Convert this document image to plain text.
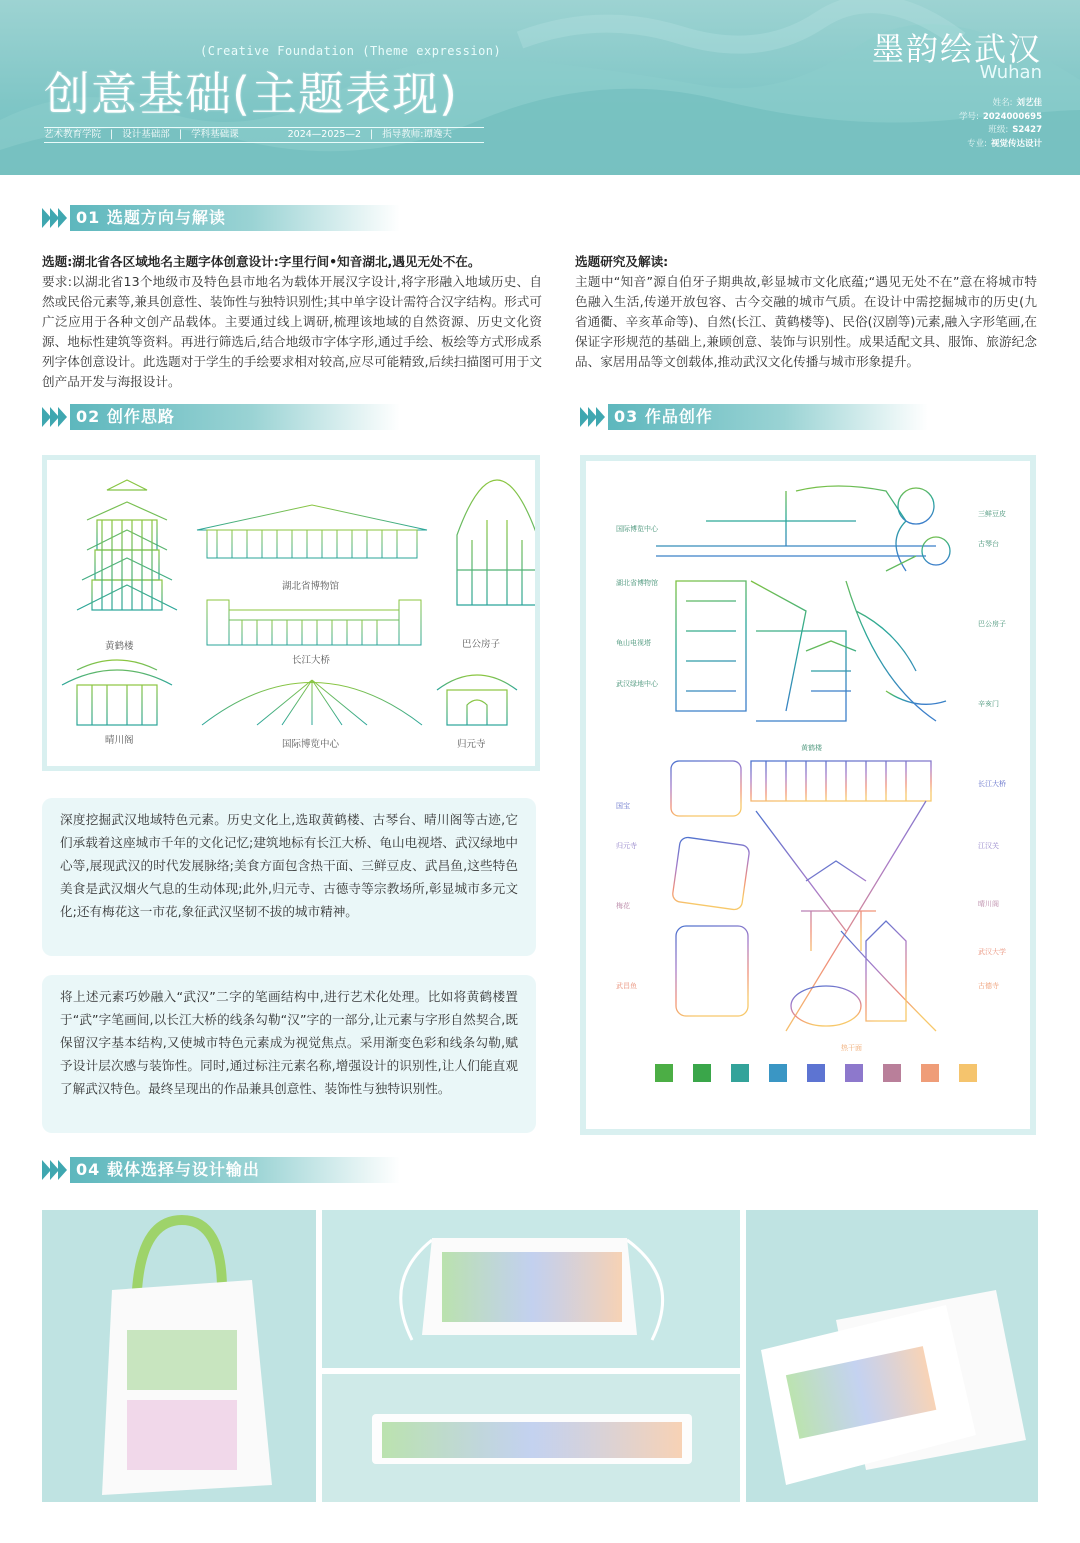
(Creative Foundation (Theme expression)
创意基础(主题表现)
艺术教育学院 | 设计基础部 | 学科基础课	2024—2025—2 | 指导教师:谭逸夫
墨韵绘武汉
Wuhan
姓名: 刘艺佳
学号: 2024000695
班级: S2427
专业: 视觉传达设计
01 选题方向与解读
选题:湖北省各区域地名主题字体创意设计:字里行间•知音湖北,遇见无处不在。
要求:以湖北省13个地级市及特色县市地名为载体开展汉字设计,将字形融入地域历史、自然或民俗元素等,兼具创意性、装饰性与独特识别性;其中单字设计需符合汉字结构。形式可广泛应用于各种文创产品载体。主要通过线上调研,梳理该地域的自然资源、历史文化资源、地标性建筑等资料。再进行筛选后,结合地级市字体字形,通过手绘、板绘等方式形成系列字体创意设计。此选题对于学生的手绘要求相对较高,应尽可能精致,后续扫描图可用于文创产品开发与海报设计。
选题研究及解读:
主题中“知音”源自伯牙子期典故,彰显城市文化底蕴;“遇见无处不在”意在将城市特色融入生活,传递开放包容、古今交融的城市气质。在设计中需挖掘城市的历史(九省通衢、辛亥革命等)、自然(长江、黄鹤楼等)、民俗(汉剧等)元素,融入字形笔画,在保证字形规范的基础上,兼顾创意、装饰与识别性。成果适配文具、服饰、旅游纪念品、家居用品等文创载体,推动武汉文化传播与城市形象提升。
02 创作思路
黄鹤楼
湖北省博物馆
巴公房子
长江大桥
晴川阁	国际博览中心	归元寺
深度挖掘武汉地域特色元素。历史文化上,选取黄鹤楼、古琴台、晴川阁等古迹,它们承载着这座城市千年的文化记忆;建筑地标有长江大桥、龟山电视塔、武汉绿地中心等,展现武汉的时代发展脉络;美食方面包含热干面、三鲜豆皮、武昌鱼,这些特色美食是武汉烟火气息的生动体现;此外,归元寺、古德寺等宗教场所,彰显城市多元文化;还有梅花这一市花,象征武汉坚韧不拔的城市精神。
将上述元素巧妙融入“武汉”二字的笔画结构中,进行艺术化处理。比如将黄鹤楼置于“武”字笔画间,以长江大桥的线条勾勒“汉”字的一部分,让元素与字形自然契合,既保留汉字基本结构,又使城市特色元素成为视觉焦点。采用渐变色彩和线条勾勒,赋予设计层次感与装饰性。同时,通过标注元素名称,增强设计的识别性,让人们能直观了解武汉特色。最终呈现出的作品兼具创意性、装饰性与独特识别性。
03 作品创作
国际博览中心
湖北省博物馆
龟山电视塔
武汉绿地中心
三鲜豆皮
古琴台
巴公房子
辛亥门
黄鹤楼
国宝
归元寺
梅花
武昌鱼
长江大桥
江汉关
晴川阁
武汉大学
古德寺
热干面
04 载体选择与设计输出
